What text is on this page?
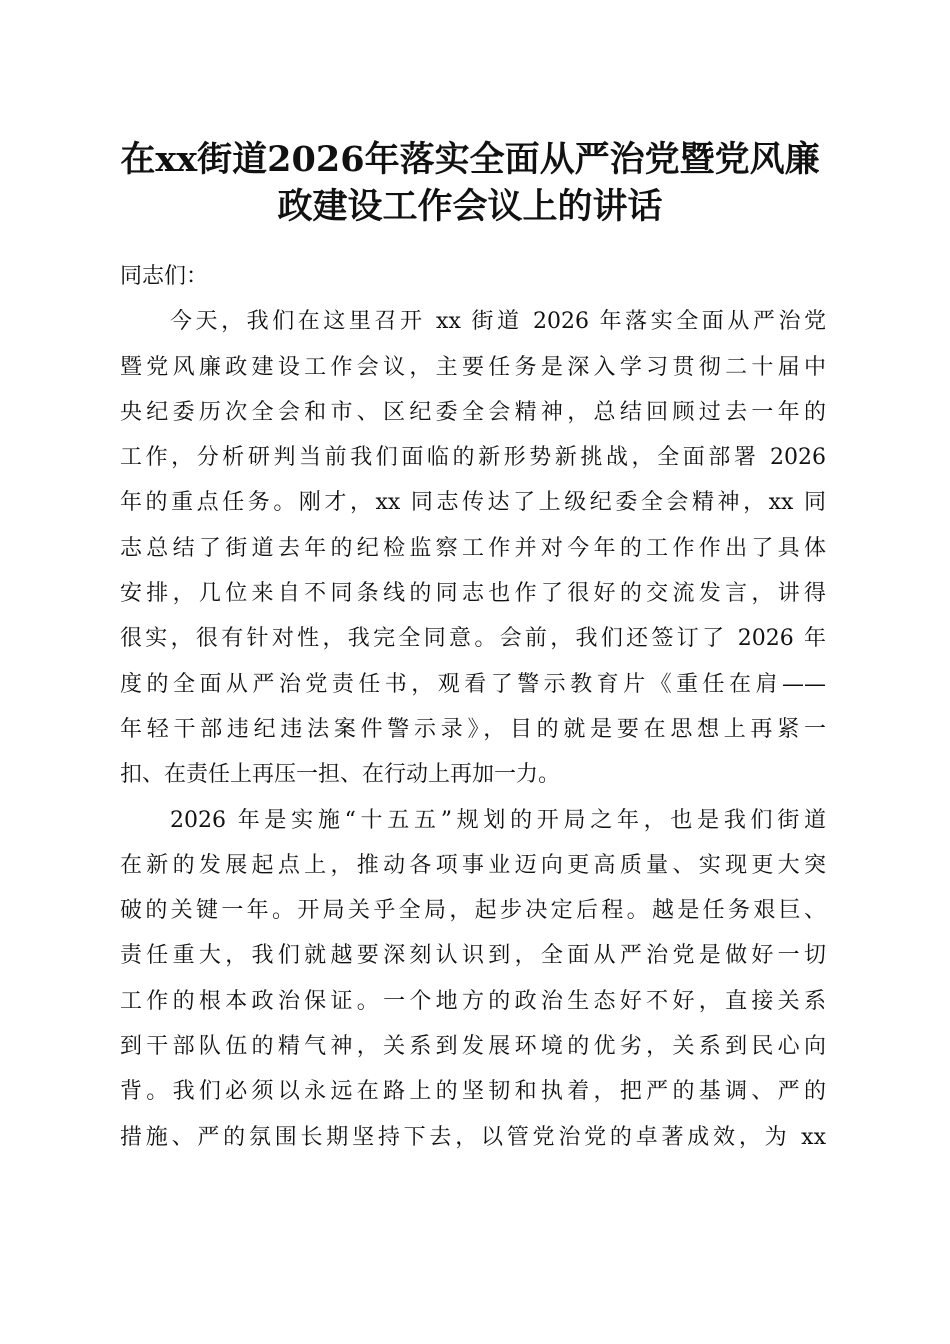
在xx街道2026年落实全面从严治党暨党风廉
政建设工作会议上的讲话
同志们：
今天，我们在这里召开 xx 街道 2026 年落实全面从严治党
暨党风廉政建设工作会议，主要任务是深入学习贯彻二十届中
央纪委历次全会和市、区纪委全会精神，总结回顾过去一年的
工作，分析研判当前我们面临的新形势新挑战，全面部署 2026
年的重点任务。刚才，xx 同志传达了上级纪委全会精神，xx 同
志总结了街道去年的纪检监察工作并对今年的工作作出了具体
安排，几位来自不同条线的同志也作了很好的交流发言，讲得
很实，很有针对性，我完全同意。会前，我们还签订了 2026 年
度的全面从严治党责任书，观看了警示教育片《重任在肩——
年轻干部违纪违法案件警示录》，目的就是要在思想上再紧一
扣、在责任上再压一担、在行动上再加一力。
2026 年是实施“十五五”规划的开局之年，也是我们街道
在新的发展起点上，推动各项事业迈向更高质量、实现更大突
破的关键一年。开局关乎全局，起步决定后程。越是任务艰巨、
责任重大，我们就越要深刻认识到，全面从严治党是做好一切
工作的根本政治保证。一个地方的政治生态好不好，直接关系
到干部队伍的精气神，关系到发展环境的优劣，关系到民心向
背。我们必须以永远在路上的坚韧和执着，把严的基调、严的
措施、严的氛围长期坚持下去，以管党治党的卓著成效，为 xx
